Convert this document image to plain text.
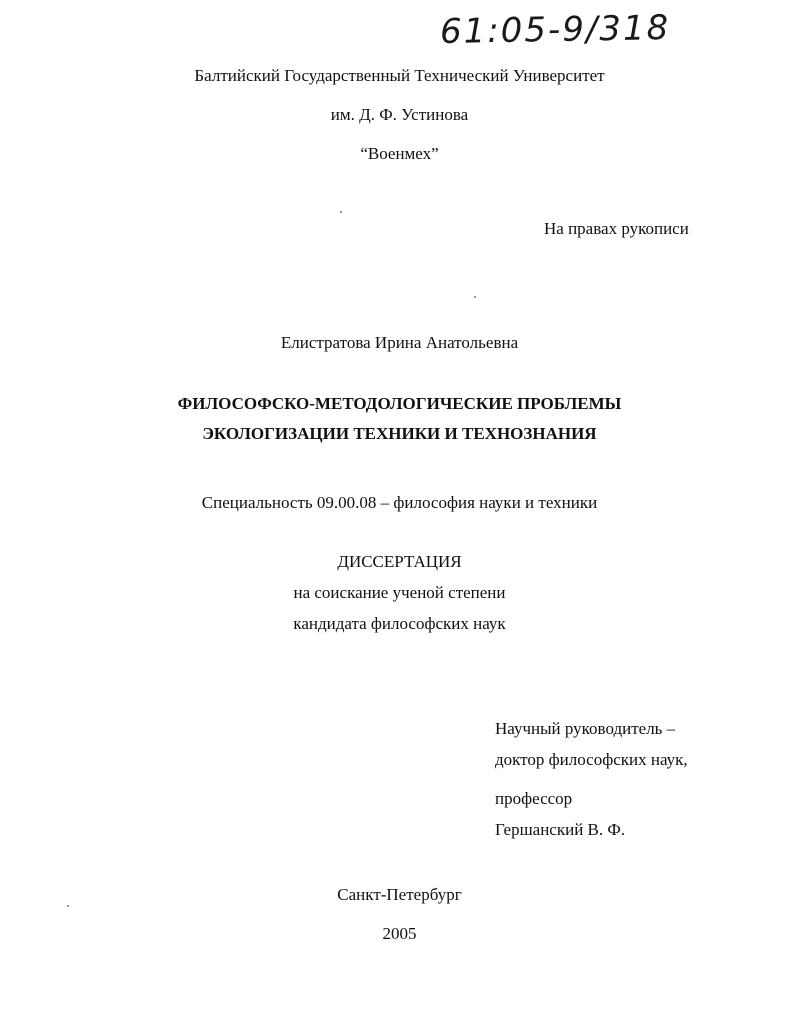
61:05-9/318
Балтийский Государственный Технический Университет
им. Д. Ф. Устинова
“Военмех”
На правах рукописи
Елистратова Ирина Анатольевна
ФИЛОСОФСКО-МЕТОДОЛОГИЧЕСКИЕ ПРОБЛЕМЫ
ЭКОЛОГИЗАЦИИ ТЕХНИКИ И ТЕХНОЗНАНИЯ
Специальность 09.00.08 – философия науки и техники
ДИССЕРТАЦИЯ
на соискание ученой степени
кандидата философских наук
Научный руководитель –
доктор философских наук,
профессор
Гершанский В. Ф.
Санкт-Петербург
2005
